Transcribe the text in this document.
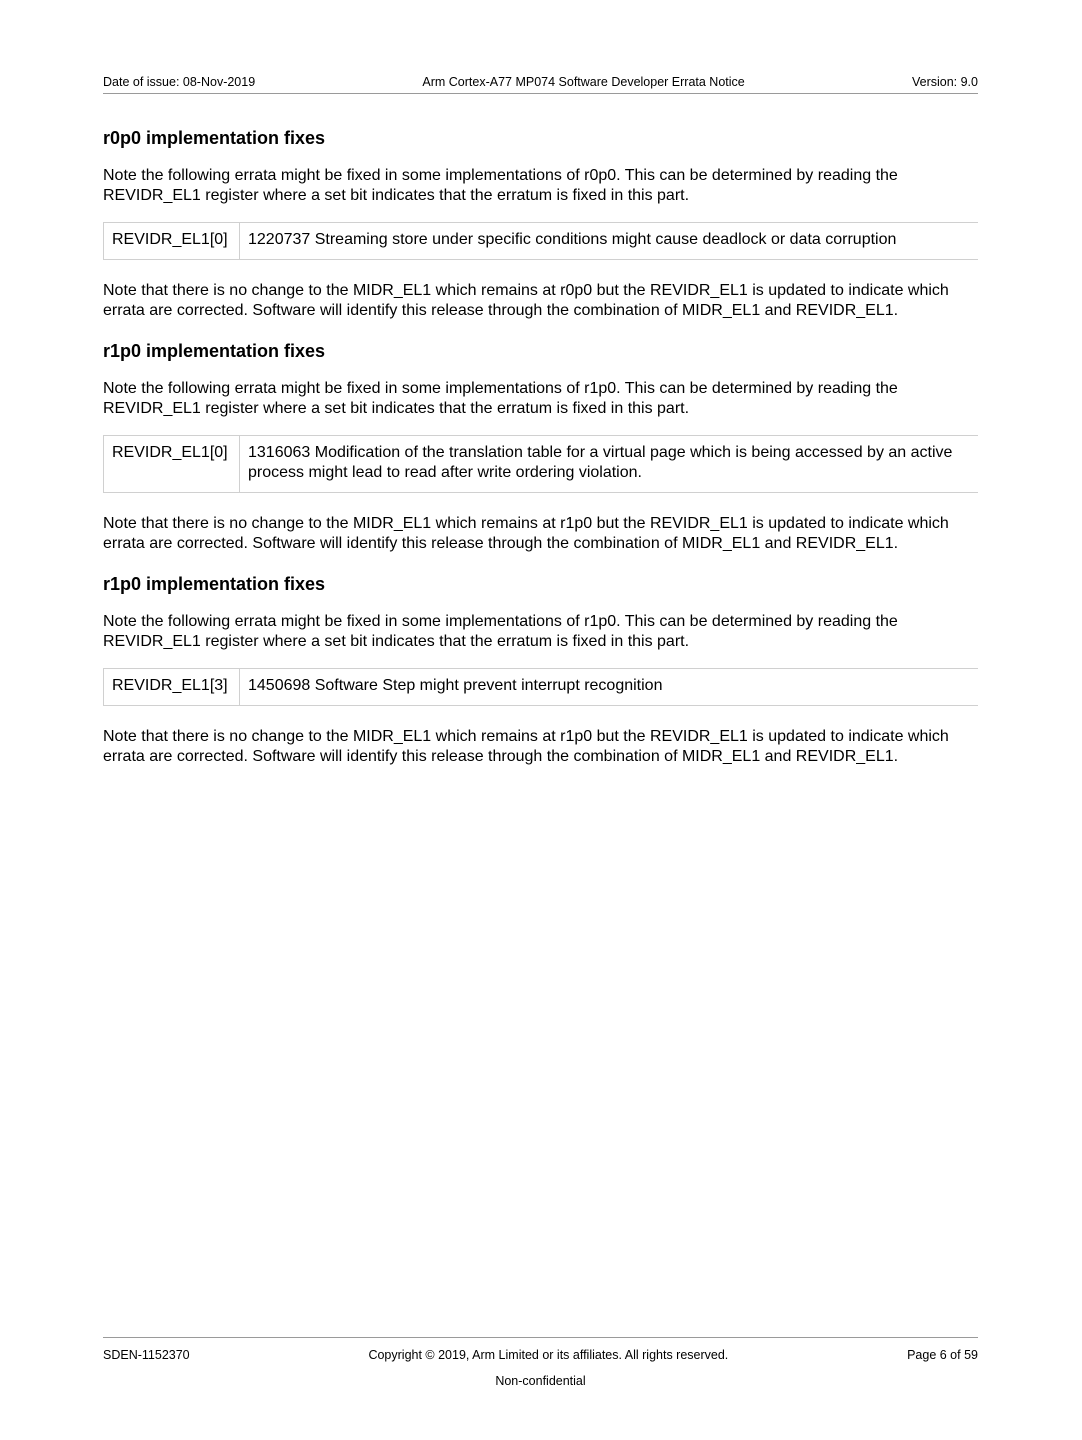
Date of issue: 08-Nov-2019	Arm Cortex-A77 MP074 Software Developer Errata Notice	Version: 9.0
r0p0 implementation fixes

Note the following errata might be fixed in some implementations of r0p0. This can be determined by reading the REVIDR_EL1 register where a set bit indicates that the erratum is fixed in this part.

REVIDR_EL1[0]	1220737 Streaming store under specific conditions might cause deadlock or data corruption

Note that there is no change to the MIDR_EL1 which remains at r0p0 but the REVIDR_EL1 is updated to indicate which errata are corrected. Software will identify this release through the combination of MIDR_EL1 and REVIDR_EL1.

r1p0 implementation fixes

Note the following errata might be fixed in some implementations of r1p0. This can be determined by reading the REVIDR_EL1 register where a set bit indicates that the erratum is fixed in this part.

REVIDR_EL1[0]	1316063 Modification of the translation table for a virtual page which is being accessed by an active process might lead to read after write ordering violation.

Note that there is no change to the MIDR_EL1 which remains at r1p0 but the REVIDR_EL1 is updated to indicate which errata are corrected. Software will identify this release through the combination of MIDR_EL1 and REVIDR_EL1.

r1p0 implementation fixes

Note the following errata might be fixed in some implementations of r1p0. This can be determined by reading the REVIDR_EL1 register where a set bit indicates that the erratum is fixed in this part.

REVIDR_EL1[3]	1450698 Software Step might prevent interrupt recognition

Note that there is no change to the MIDR_EL1 which remains at r1p0 but the REVIDR_EL1 is updated to indicate which errata are corrected. Software will identify this release through the combination of MIDR_EL1 and REVIDR_EL1.

SDEN-1152370	Copyright © 2019, Arm Limited or its affiliates. All rights reserved.	Page 6 of 59
Non-confidential
